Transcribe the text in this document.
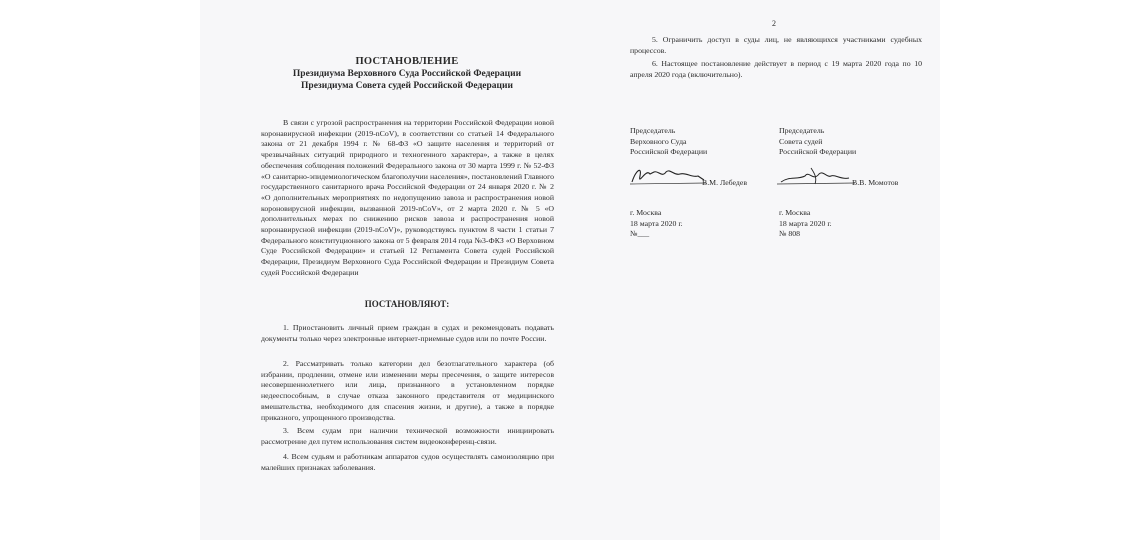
2
ПОСТАНОВЛЕНИЕ
Президиума Верховного Суда Российской Федерации
Президиума Совета судей Российской Федерации
В связи с угрозой распространения на территории Российской Федерации новой коронавирусной инфекции (2019-nCoV), в соответствии со статьей 14 Федерального закона от 21 декабря 1994 г. № 68-ФЗ «О защите населения и территорий от чрезвычайных ситуаций природного и техногенного характера», а также в целях обеспечения соблюдения положений Федерального закона от 30 марта 1999 г. № 52-ФЗ «О санитарно-эпидемиологическом благополучии населения», постановлений Главного государственного санитарного врача Российской Федерации от 24 января 2020 г. № 2 «О дополнительных мероприятиях по недопущению завоза и распространения новой короновирусной инфекции, вызванной 2019-nCoV», от 2 марта 2020 г. № 5 «О дополнительных мерах по снижению рисков завоза и распространения новой коронавирусной инфекции (2019-nCoV)», руководствуясь пунктом 8 части 1 статьи 7 Федерального конституционного закона от 5 февраля 2014 года №3-ФКЗ «О Верховном Суде Российской Федерации» и статьей 12 Регламента Совета судей Российской Федерации, Президиум Верховного Суда Российской Федерации и Президиум Совета судей Российской Федерации
ПОСТАНОВЛЯЮТ:
1. Приостановить личный прием граждан в судах и рекомендовать подавать документы только через электронные интернет-приемные судов или по почте России.
2. Рассматривать только категории дел безотлагательного характера (об избрании, продлении, отмене или изменении меры пресечения, о защите интересов несовершеннолетнего или лица, признанного в установленном порядке недееспособным, в случае отказа законного представителя от медицинского вмешательства, необходимого для спасения жизни, и другие), а также в порядке приказного, упрощенного производства.
3. Всем судам при наличии технической возможности инициировать рассмотрение дел путем использования систем видеоконференц-связи.
4. Всем судьям и работникам аппаратов судов осуществлять самоизоляцию при малейших признаках заболевания.
5. Ограничить доступ в суды лиц, не являющихся участниками судебных процессов.
6. Настоящее постановление действует в период с 19 марта 2020 года по 10 апреля 2020 года (включительно).
Председатель
Верховного Суда
Российской Федерации
Председатель
Совета судей
Российской Федерации
В.М. Лебедев	В.В. Момотов
г. Москва
18 марта 2020 г.
№___
г. Москва
18 марта 2020 г.
№ 808
